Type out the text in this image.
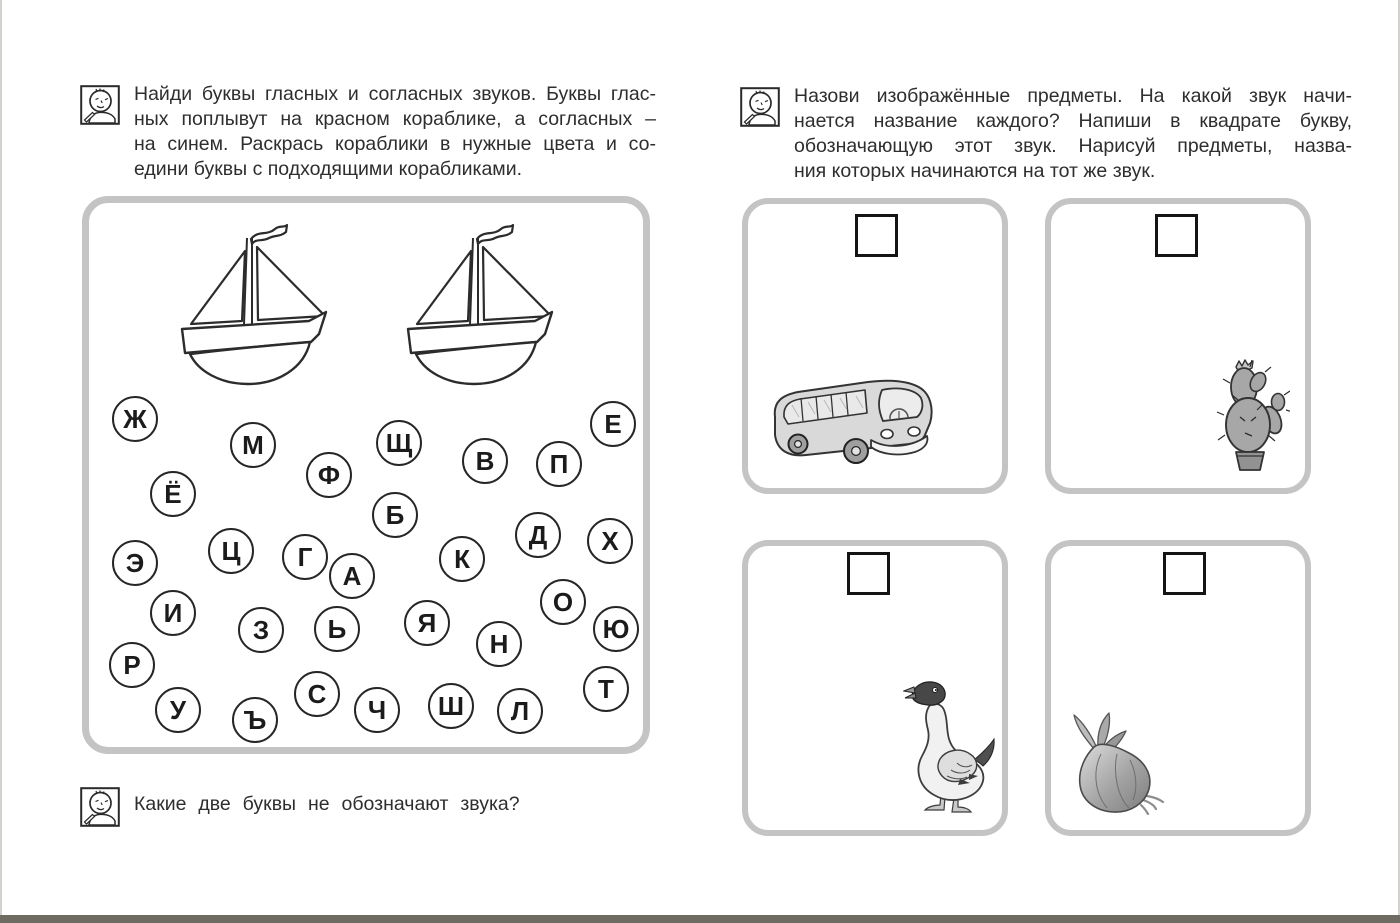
Найди буквы гласных и согласных звуков. Буквы глас-
ных поплывут на красном кораблике, а согласных –
на синем. Раскрась кораблики в нужные цвета и со-
едини буквы с подходящими корабликами.
Назови изображённые предметы. На какой звук начи-
нается название каждого? Напиши в квадрате букву,
обозначающую этот звук. Нарисуй предметы, назва-
ния которых начинаются на тот же звук.
Ж
М	Щ
В	П
Е
Ё
Ф
Б
Д	Х
Э	Ц	Г
А
К
О
И
З	Ь	Я
Н	Ю
Р
У	Ъ
С
Ч	Ш	Л
Т
Какие две буквы не обозначают звука?
